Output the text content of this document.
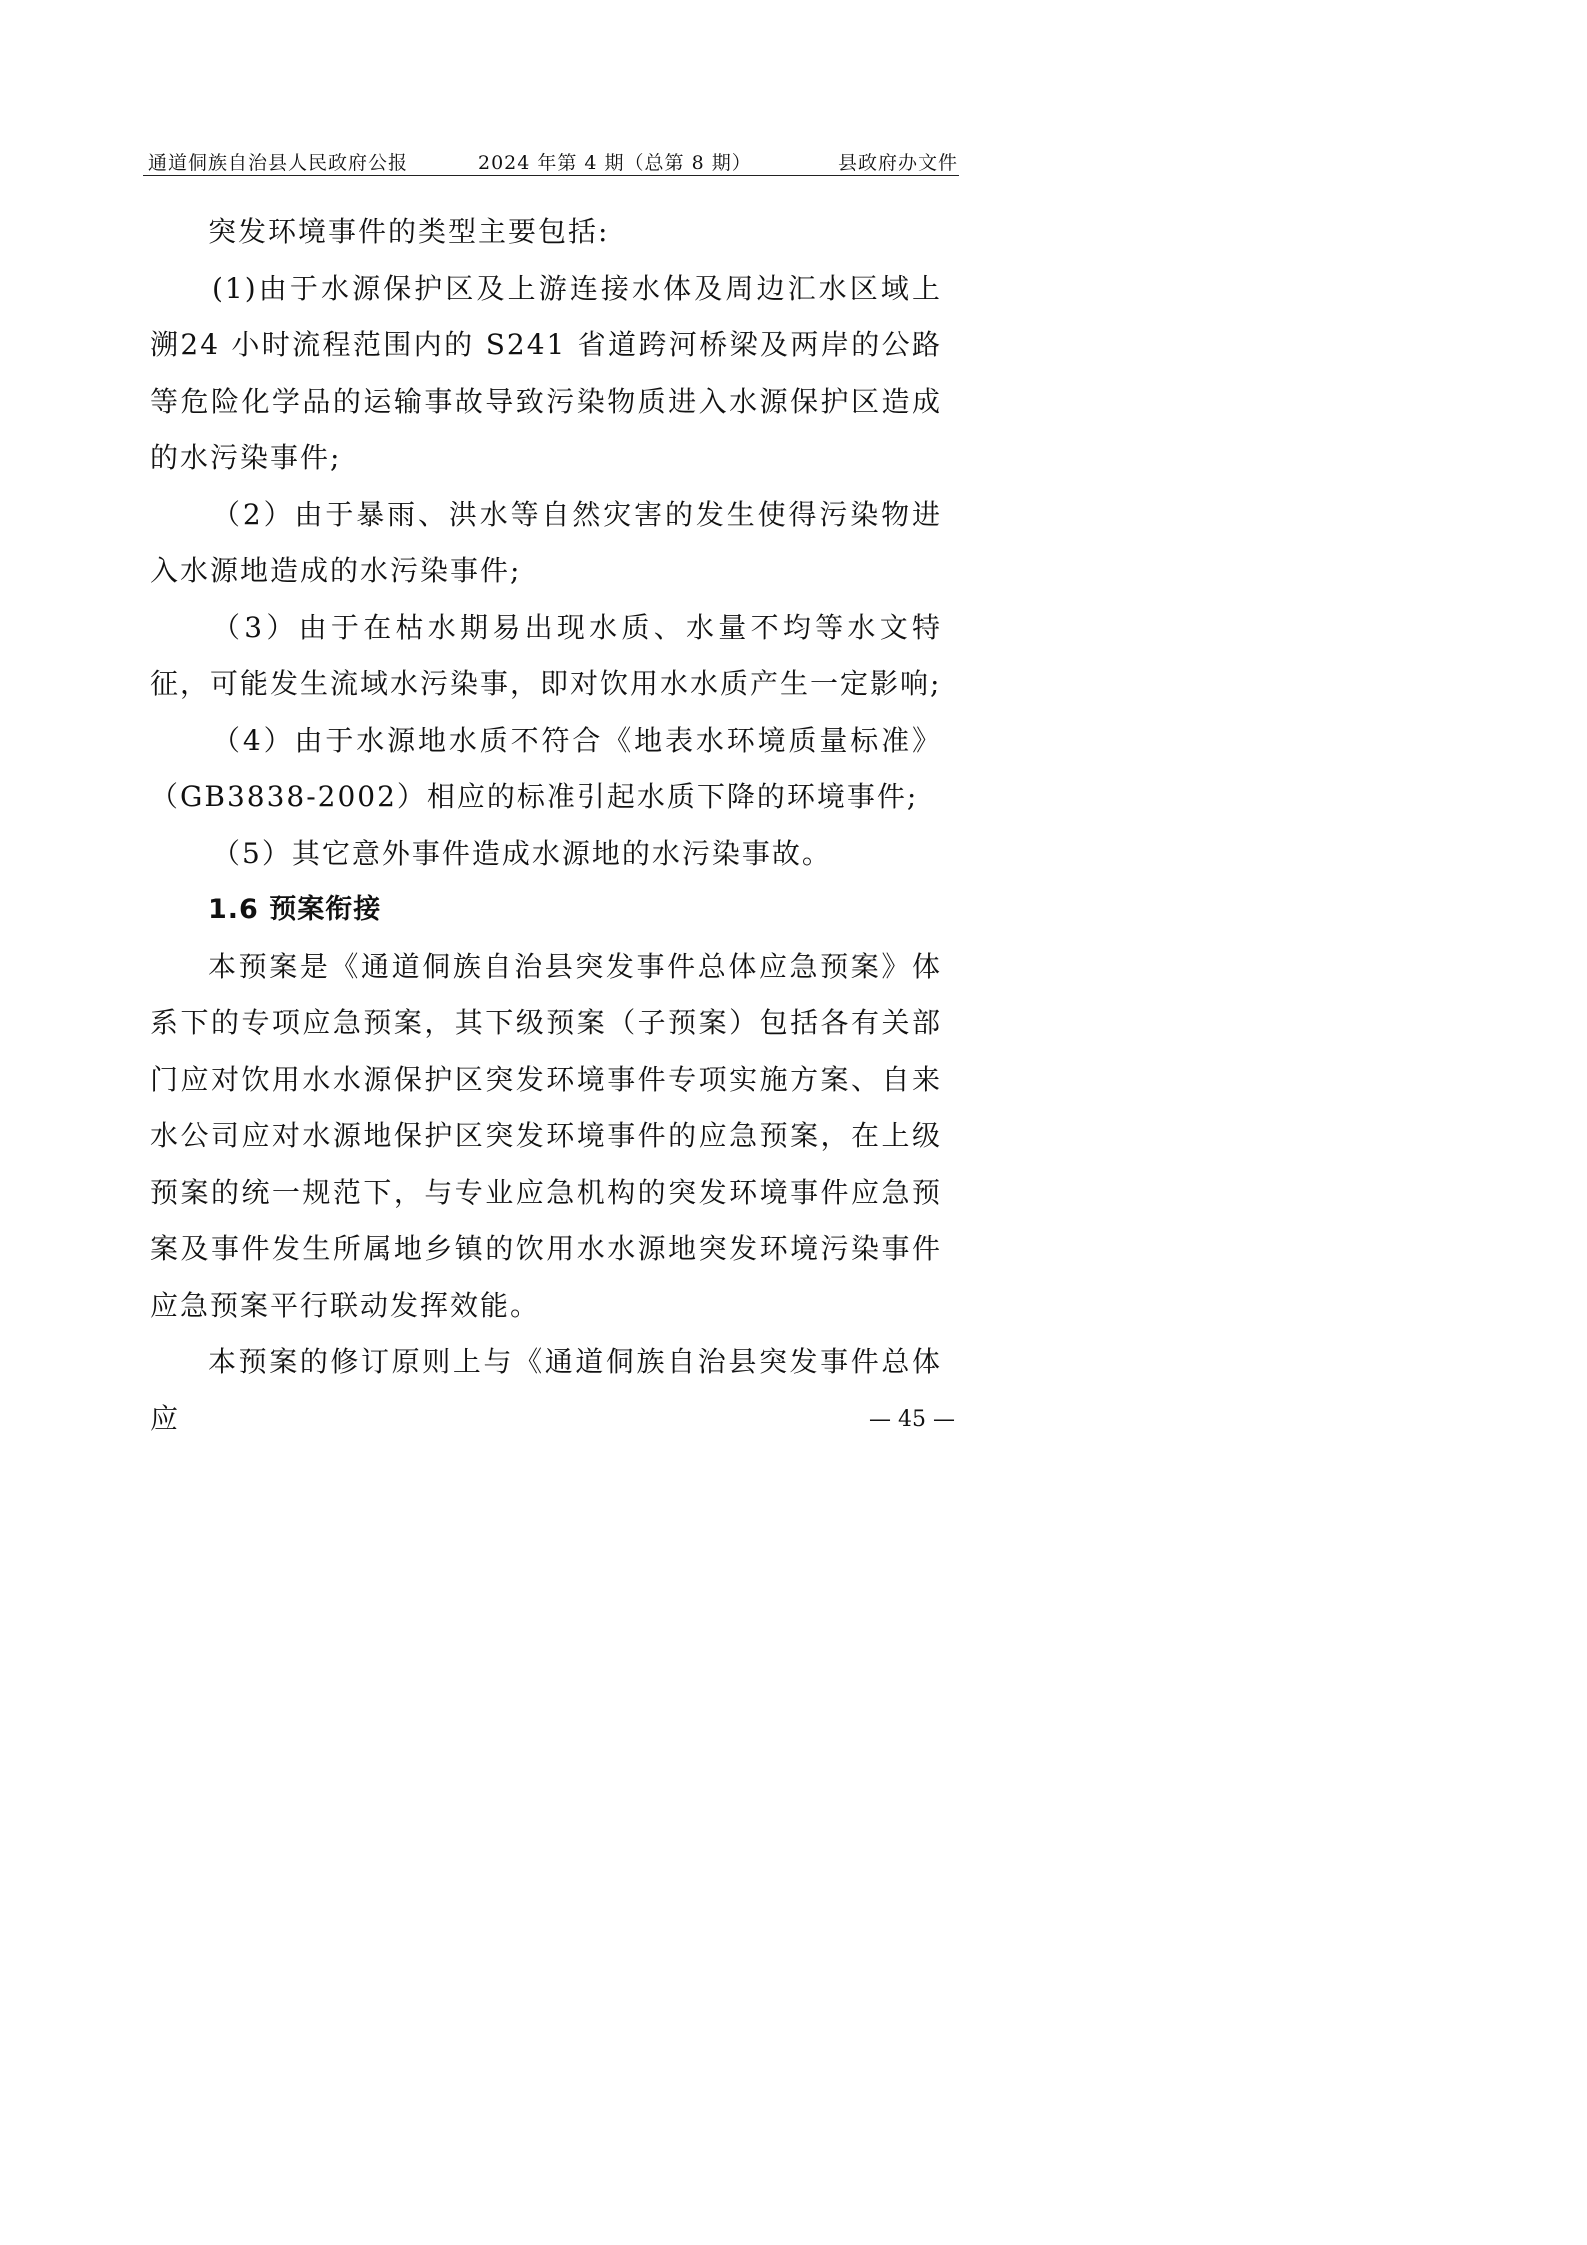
通道侗族自治县人民政府公报	2024 年第 4 期（总第 8 期）	县政府办文件

突发环境事件的类型主要包括:

(1)由于水源保护区及上游连接水体及周边汇水区域上溯24 小时流程范围内的 S241 省道跨河桥梁及两岸的公路等危险化学品的运输事故导致污染物质进入水源保护区造成的水污染事件;

（2）由于暴雨、洪水等自然灾害的发生使得污染物进入水源地造成的水污染事件;

（3）由于在枯水期易出现水质、水量不均等水文特征，可能发生流域水污染事，即对饮用水水质产生一定影响;

（4）由于水源地水质不符合《地表水环境质量标准》（GB3838-2002）相应的标准引起水质下降的环境事件;

（5）其它意外事件造成水源地的水污染事故。

1.6 预案衔接

本预案是《通道侗族自治县突发事件总体应急预案》体系下的专项应急预案，其下级预案（子预案）包括各有关部门应对饮用水水源保护区突发环境事件专项实施方案、自来水公司应对水源地保护区突发环境事件的应急预案，在上级预案的统一规范下，与专业应急机构的突发环境事件应急预案及事件发生所属地乡镇的饮用水水源地突发环境污染事件应急预案平行联动发挥效能。

本预案的修订原则上与《通道侗族自治县突发事件总体应	— 45 —
